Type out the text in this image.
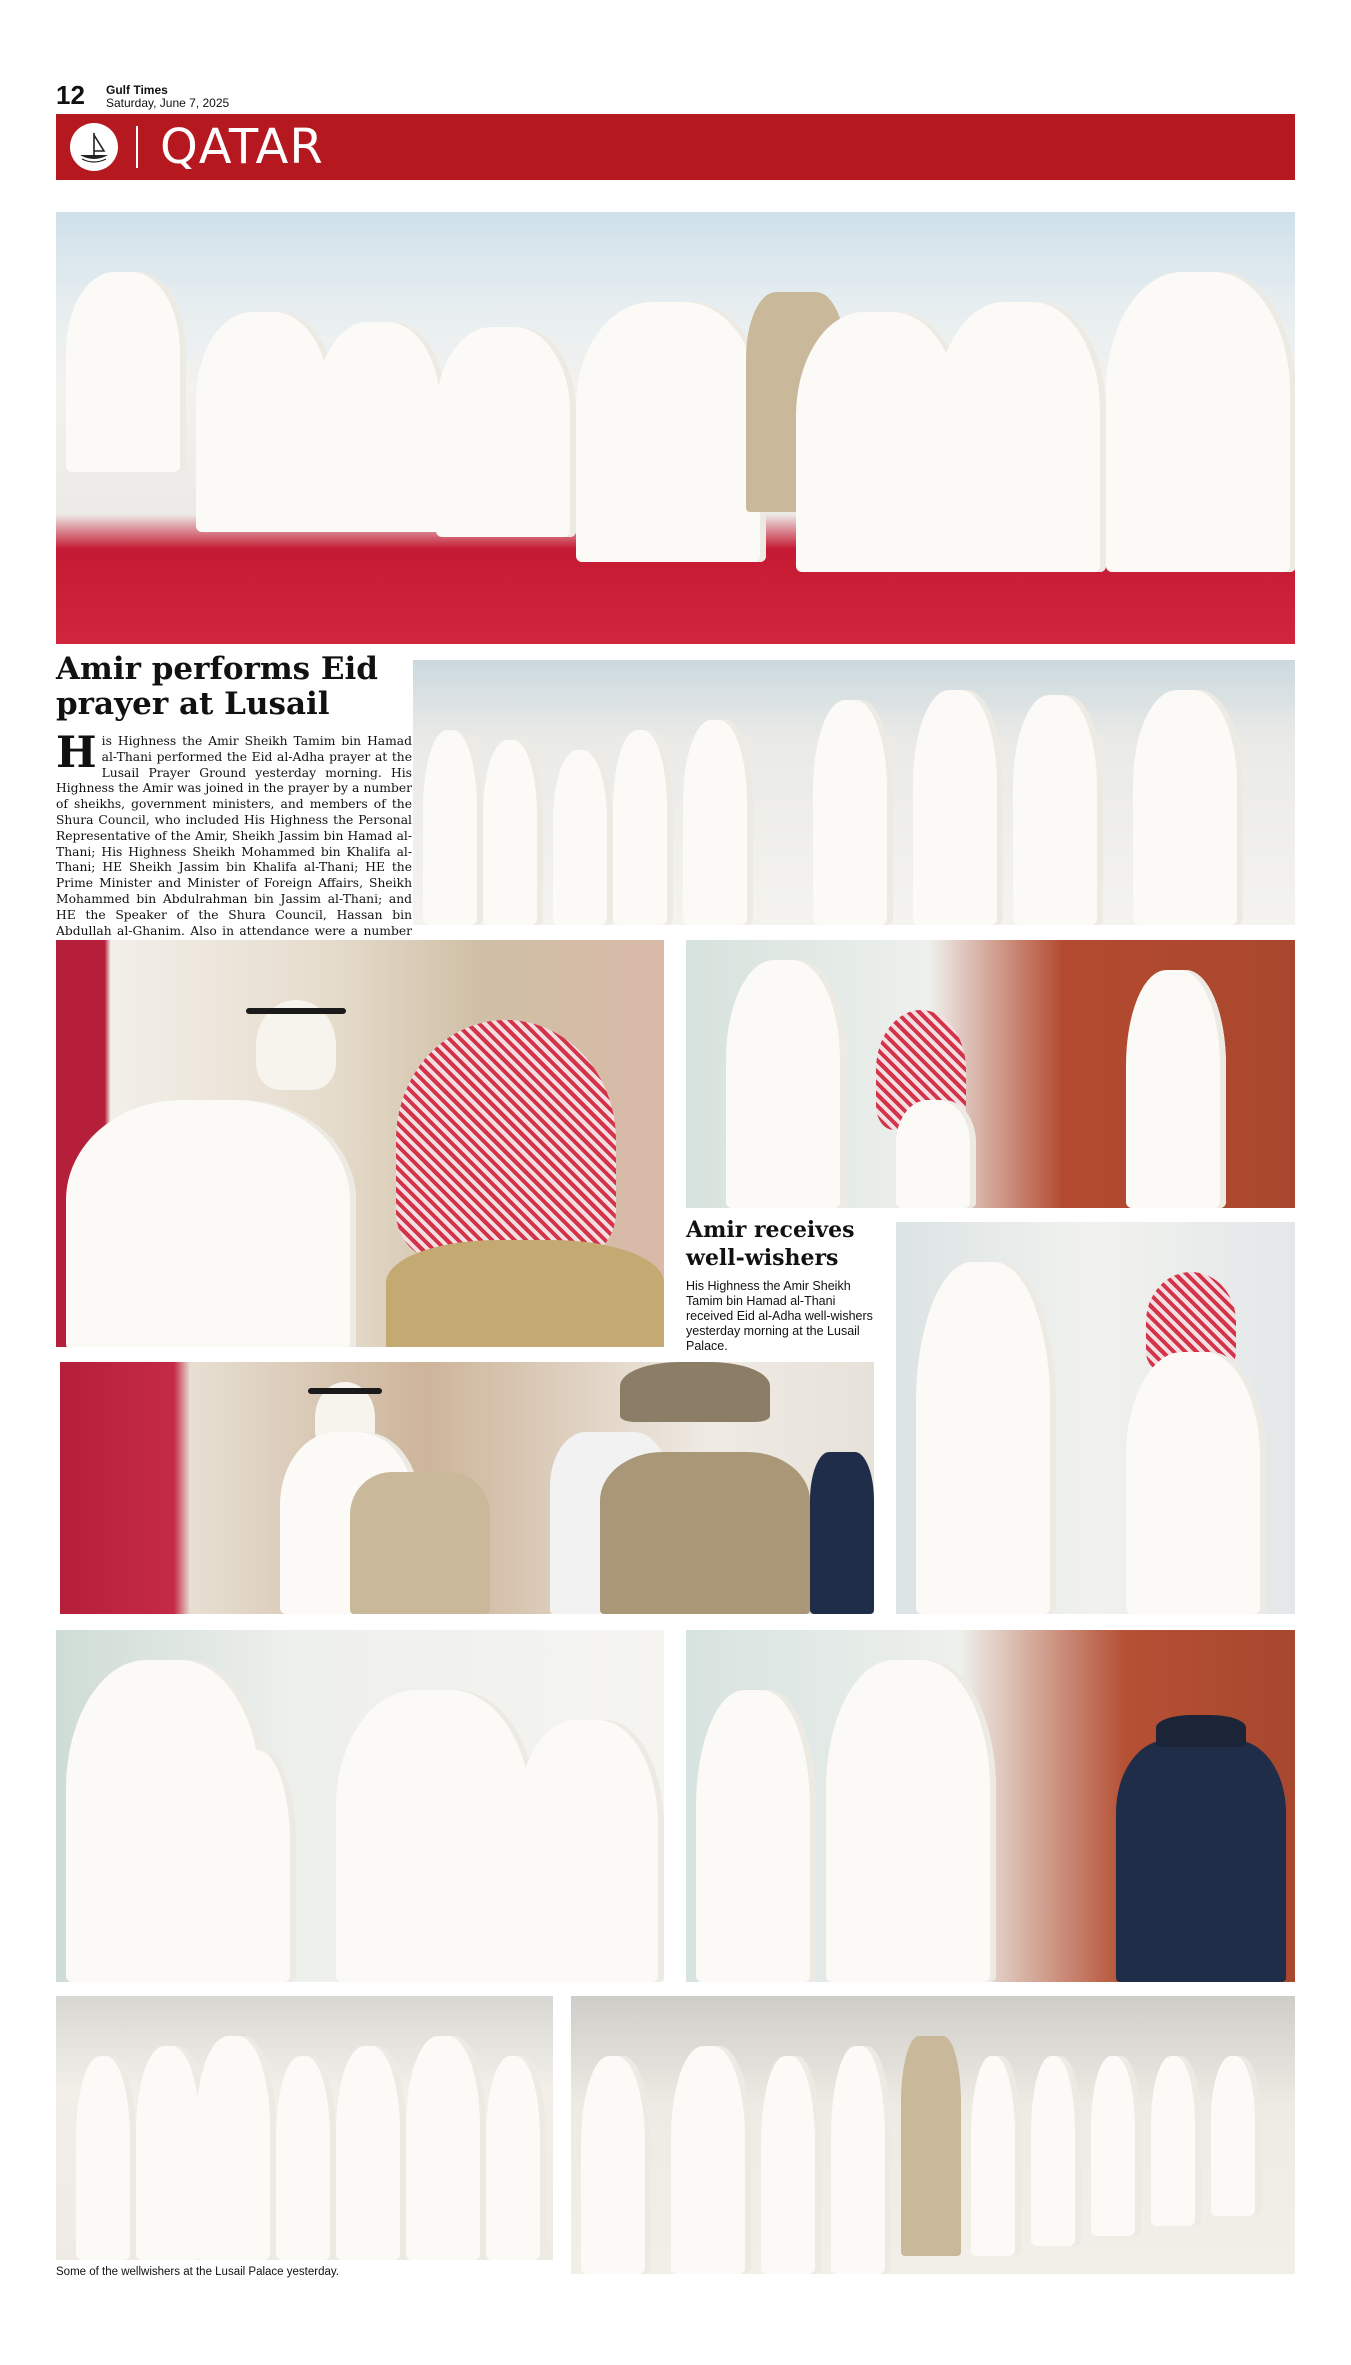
12 Gulf Times
Saturday, June 7, 2025
QATAR
Amir performs Eid prayer at Lusail
His Highness the Amir Sheikh Tamim bin Hamad al-Thani performed the Eid al-Adha prayer at the Lusail Prayer Ground yesterday morning. His Highness the Amir was joined in the prayer by a number of sheikhs, government ministers, and members of the Shura Council, who included His Highness the Personal Representative of the Amir, Sheikh Jassim bin Hamad al-Thani; His Highness Sheikh Mohammed bin Khalifa al-Thani; HE Sheikh Jassim bin Khalifa al-Thani; HE the Prime Minister and Minister of Foreign Affairs, Sheikh Mohammed bin Abdulrahman bin Jassim al-Thani; and HE the Speaker of the Shura Council, Hassan bin Abdullah al-Ghanim. Also in attendance were a number
Amir receives well-wishers
His Highness the Amir Sheikh Tamim bin Hamad al-Thani received Eid al-Adha well-wishers yesterday morning at the Lusail Palace.
Some of the wellwishers at the Lusail Palace yesterday.
